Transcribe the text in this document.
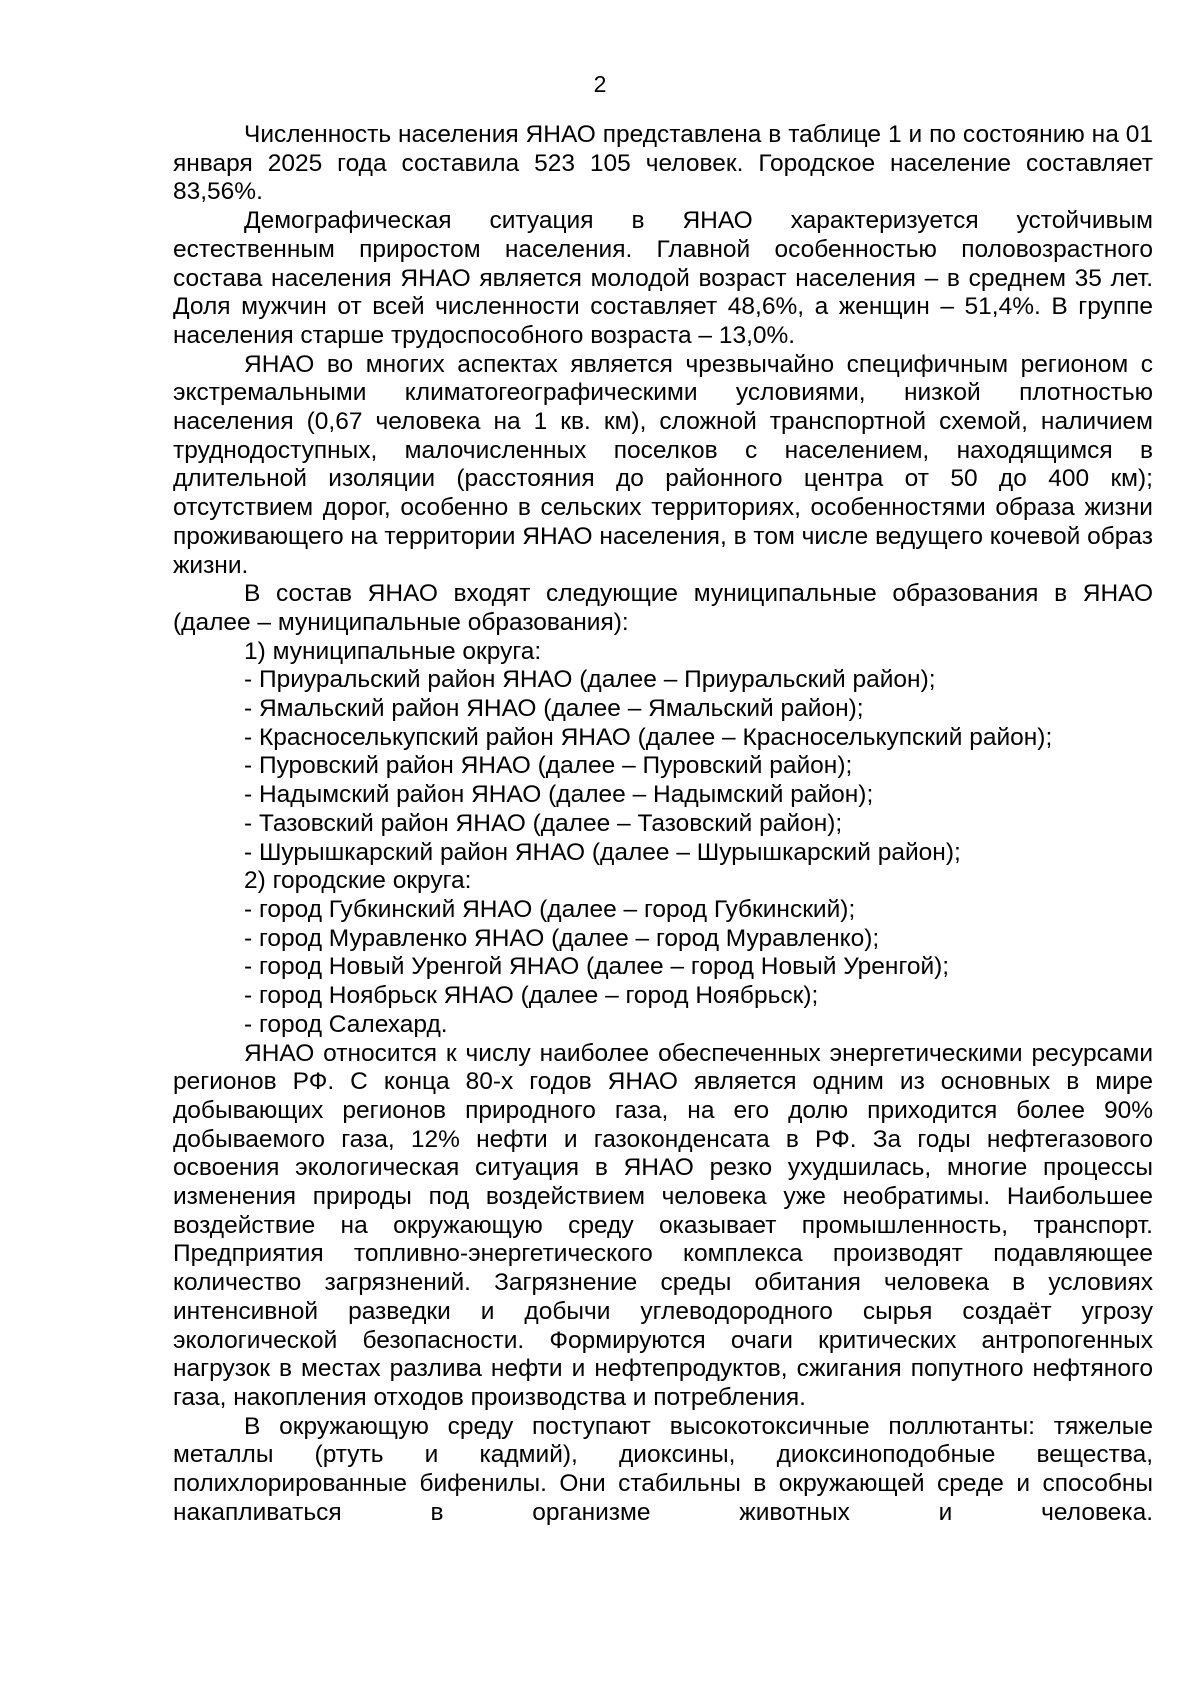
2

Численность населения ЯНАО представлена в таблице 1 и по состоянию на 01 января 2025 года составила 523 105 человек. Городское население составляет 83,56%.

Демографическая ситуация в ЯНАО характеризуется устойчивым естественным приростом населения. Главной особенностью половозрастного состава населения ЯНАО является молодой возраст населения – в среднем 35 лет. Доля мужчин от всей численности составляет 48,6%, а женщин – 51,4%. В группе населения старше трудоспособного возраста – 13,0%.

ЯНАО во многих аспектах является чрезвычайно специфичным регионом с экстремальными климатогеографическими условиями, низкой плотностью населения (0,67 человека на 1 кв. км), сложной транспортной схемой, наличием труднодоступных, малочисленных поселков с населением, находящимся в длительной изоляции (расстояния до районного центра от 50 до 400 км); отсутствием дорог, особенно в сельских территориях, особенностями образа жизни проживающего на территории ЯНАО населения, в том числе ведущего кочевой образ жизни.

В состав ЯНАО входят следующие муниципальные образования в ЯНАО (далее – муниципальные образования):

1) муниципальные округа:

- Приуральский район ЯНАО (далее – Приуральский район);

- Ямальский район ЯНАО (далее – Ямальский район);

- Красноселькупский район ЯНАО (далее – Красноселькупский район);

- Пуровский район ЯНАО (далее – Пуровский район);

- Надымский район ЯНАО (далее – Надымский район);

- Тазовский район ЯНАО (далее – Тазовский район);

- Шурышкарский район ЯНАО (далее – Шурышкарский район);

2) городские округа:

- город Губкинский ЯНАО (далее – город Губкинский);

- город Муравленко ЯНАО (далее – город Муравленко);

- город Новый Уренгой ЯНАО (далее – город Новый Уренгой);

- город Ноябрьск ЯНАО (далее – город Ноябрьск);

- город Салехард.

ЯНАО относится к числу наиболее обеспеченных энергетическими ресурсами регионов РФ. С конца 80-х годов ЯНАО является одним из основных в мире добывающих регионов природного газа, на его долю приходится более 90% добываемого газа, 12% нефти и газоконденсата в РФ. За годы нефтегазового освоения экологическая ситуация в ЯНАО резко ухудшилась, многие процессы изменения природы под воздействием человека уже необратимы. Наибольшее воздействие на окружающую среду оказывает промышленность, транспорт. Предприятия топливно-энергетического комплекса производят подавляющее количество загрязнений. Загрязнение среды обитания человека в условиях интенсивной разведки и добычи углеводородного сырья создаёт угрозу экологической безопасности. Формируются очаги критических антропогенных нагрузок в местах разлива нефти и нефтепродуктов, сжигания попутного нефтяного газа, накопления отходов производства и потребления.

В окружающую среду поступают высокотоксичные поллютанты: тяжелые металлы (ртуть и кадмий), диоксины, диоксиноподобные вещества, полихлорированные бифенилы. Они стабильны в окружающей среде и способны накапливаться в организме животных и человека.
